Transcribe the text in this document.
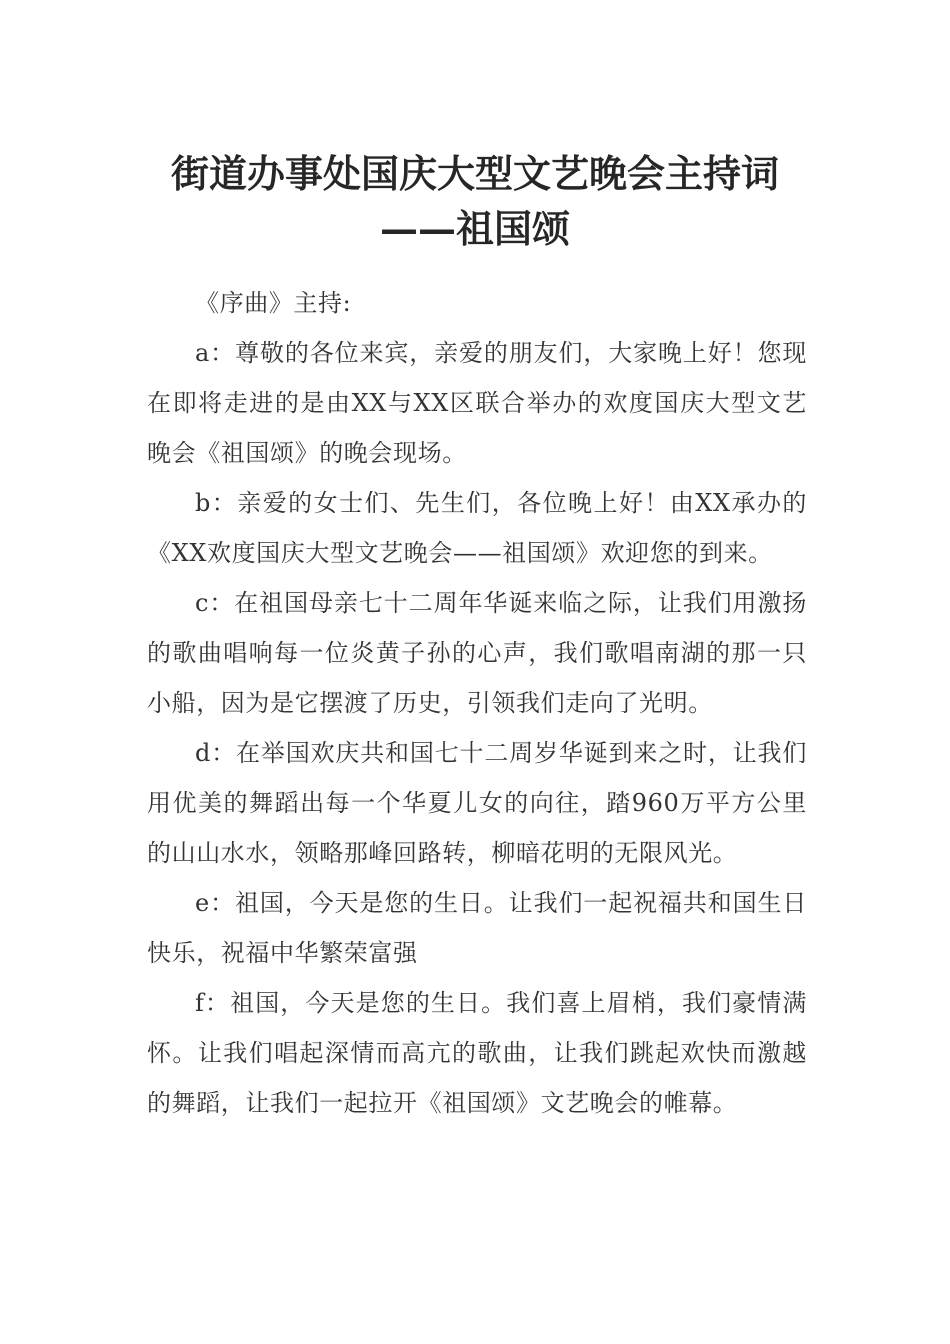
街道办事处国庆大型文艺晚会主持词——祖国颂

《序曲》主持:

a：尊敬的各位来宾，亲爱的朋友们，大家晚上好！您现在即将走进的是由XX与XX区联合举办的欢度国庆大型文艺晚会《祖国颂》的晚会现场。

b：亲爱的女士们、先生们，各位晚上好！由XX承办的《XX欢度国庆大型文艺晚会——祖国颂》欢迎您的到来。

c：在祖国母亲七十二周年华诞来临之际，让我们用激扬的歌曲唱响每一位炎黄子孙的心声，我们歌唱南湖的那一只小船，因为是它摆渡了历史，引领我们走向了光明。

d：在举国欢庆共和国七十二周岁华诞到来之时，让我们用优美的舞蹈出每一个华夏儿女的向往，踏960万平方公里的山山水水，领略那峰回路转，柳暗花明的无限风光。

e：祖国，今天是您的生日。让我们一起祝福共和国生日快乐，祝福中华繁荣富强

f：祖国，今天是您的生日。我们喜上眉梢，我们豪情满怀。让我们唱起深情而高亢的歌曲，让我们跳起欢快而激越的舞蹈，让我们一起拉开《祖国颂》文艺晚会的帷幕。
